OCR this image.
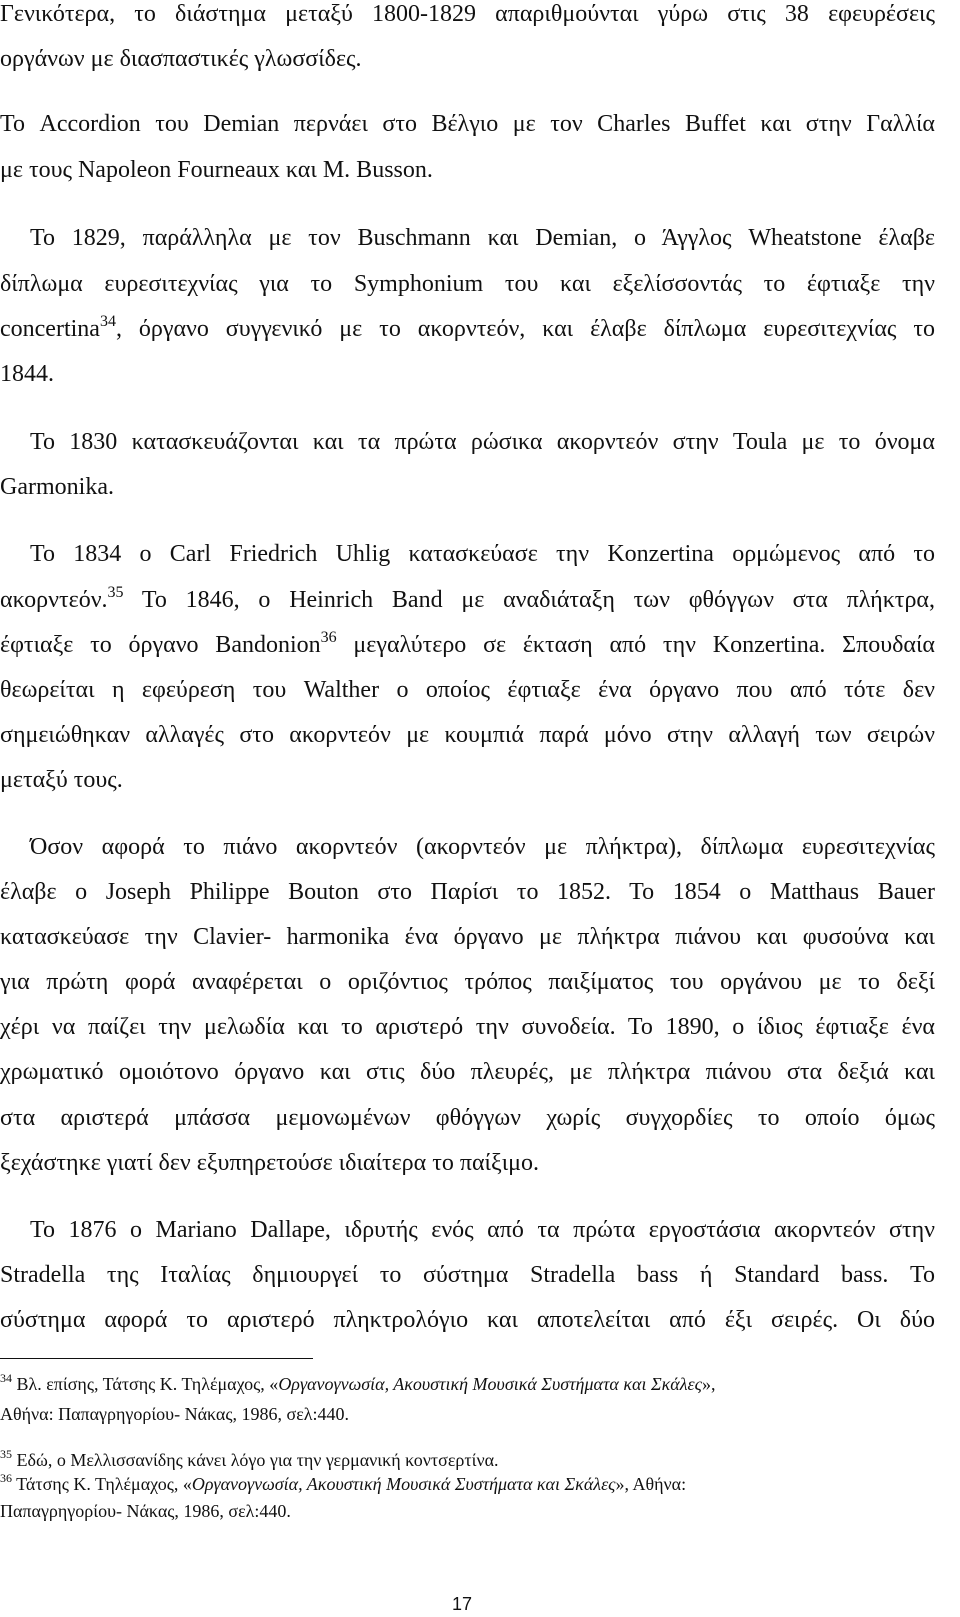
Γενικότερα, το διάστημα μεταξύ 1800-1829 απαριθμούνται γύρω στις 38 εφευρέσεις
οργάνων με διασπαστικές γλωσσίδες.
Το Accordion του Demian περνάει στο Βέλγιο με τον Charles Buffet και στην Γαλλία
με τους Napoleon Fourneaux και M. Busson.
Το 1829, παράλληλα με τον Buschmann και Demian, ο Άγγλος Wheatstone έλαβε
δίπλωμα ευρεσιτεχνίας για το Symphonium του και εξελίσσοντάς το έφτιαξε την
concertina$^{34}$, όργανο συγγενικό με το ακορντεόν, και έλαβε δίπλωμα ευρεσιτεχνίας το
1844.
Το 1830 κατασκευάζονται και τα πρώτα ρώσικα ακορντεόν στην Toula με το όνομα
Garmonika.
Το 1834 ο Carl Friedrich Uhlig κατασκεύασε την Konzertina ορμώμενος από το
ακορντεόν.$^{35}$ Το 1846, ο Heinrich Band με αναδιάταξη των φθόγγων στα πλήκτρα,
έφτιαξε το όργανο Bandonion$^{36}$ μεγαλύτερο σε έκταση από την Konzertina. Σπουδαία
θεωρείται η εφεύρεση του Walther ο οποίος έφτιαξε ένα όργανο που από τότε δεν
σημειώθηκαν αλλαγές στο ακορντεόν με κουμπιά παρά μόνο στην αλλαγή των σειρών
μεταξύ τους.
Όσον αφορά το πιάνο ακορντεόν (ακορντεόν με πλήκτρα), δίπλωμα ευρεσιτεχνίας
έλαβε ο Joseph Philippe Bouton στο Παρίσι το 1852. Το 1854 ο Matthaus Bauer
κατασκεύασε την Clavier- harmonika ένα όργανο με πλήκτρα πιάνου και φυσούνα και
για πρώτη φορά αναφέρεται ο οριζόντιος τρόπος παιξίματος του οργάνου με το δεξί
χέρι να παίζει την μελωδία και το αριστερό την συνοδεία. Το 1890, ο ίδιος έφτιαξε ένα
χρωματικό ομοιότονο όργανο και στις δύο πλευρές, με πλήκτρα πιάνου στα δεξιά και
στα αριστερά μπάσσα μεμονωμένων φθόγγων χωρίς συγχορδίες το οποίο όμως
ξεχάστηκε γιατί δεν εξυπηρετούσε ιδιαίτερα το παίξιμο.
Το 1876 ο Mariano Dallape, ιδρυτής ενός από τα πρώτα εργοστάσια ακορντεόν στην
Stradella της Ιταλίας δημιουργεί το σύστημα Stradella bass ή Standard bass. Το
σύστημα αφορά το αριστερό πληκτρολόγιο και αποτελείται από έξι σειρές. Οι δύο
$^{34}$ Βλ. επίσης, Τάτσης Κ. Τηλέμαχος, «Οργανογνωσία, Ακουστική Μουσικά Συστήματα και Σκάλες»,
Αθήνα: Παπαγρηγορίου- Νάκας, 1986, σελ:440.
$^{35}$ Εδώ, ο Μελλισσανίδης κάνει λόγο για την γερμανική κοντσερτίνα.
$^{36}$ Τάτσης Κ. Τηλέμαχος, «Οργανογνωσία, Ακουστική Μουσικά Συστήματα και Σκάλες», Αθήνα:
Παπαγρηγορίου- Νάκας, 1986, σελ:440.
17
